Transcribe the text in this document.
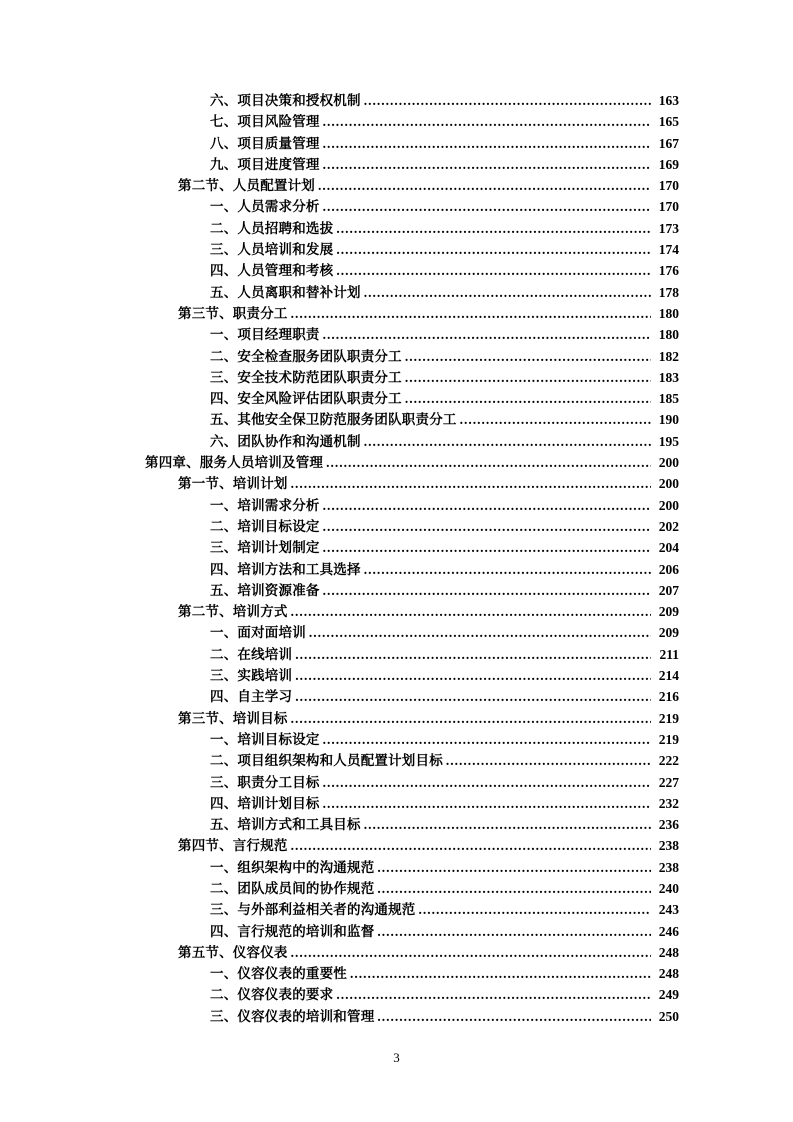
六、项目决策和授权机制 .....	163
七、项目风险管理 .....	165
八、项目质量管理 .....	167
九、项目进度管理 .....	169
第二节、人员配置计划 .....	170
一、人员需求分析 .....	170
二、人员招聘和选拔 .....	173
三、人员培训和发展 .....	174
四、人员管理和考核 .....	176
五、人员离职和替补计划 .....	178
第三节、职责分工 .....	180
一、项目经理职责 .....	180
二、安全检查服务团队职责分工 .....	182
三、安全技术防范团队职责分工 .....	183
四、安全风险评估团队职责分工 .....	185
五、其他安全保卫防范服务团队职责分工 .....	190
六、团队协作和沟通机制 .....	195
第四章、服务人员培训及管理 .....	200
第一节、培训计划 .....	200
一、培训需求分析 .....	200
二、培训目标设定 .....	202
三、培训计划制定 .....	204
四、培训方法和工具选择 .....	206
五、培训资源准备 .....	207
第二节、培训方式 .....	209
一、面对面培训 .....	209
二、在线培训 .....	211
三、实践培训 .....	214
四、自主学习 .....	216
第三节、培训目标 .....	219
一、培训目标设定 .....	219
二、项目组织架构和人员配置计划目标 .....	222
三、职责分工目标 .....	227
四、培训计划目标 .....	232
五、培训方式和工具目标 .....	236
第四节、言行规范 .....	238
一、组织架构中的沟通规范 .....	238
二、团队成员间的协作规范 .....	240
三、与外部利益相关者的沟通规范 .....	243
四、言行规范的培训和监督 .....	246
第五节、仪容仪表 .....	248
一、仪容仪表的重要性 .....	248
二、仪容仪表的要求 .....	249
三、仪容仪表的培训和管理 .....	250
3
